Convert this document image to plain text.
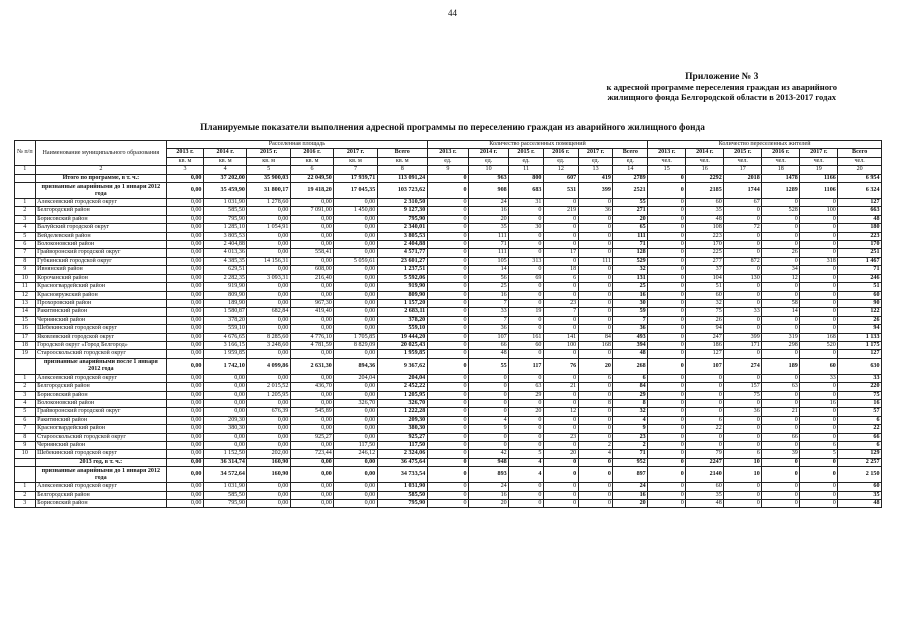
44
Приложение № 3
к адресной программе переселения граждан из аварийного
жилищного фонда Белгородской области в 2013-2017 годах
Планируемые показатели выполнения адресной программы по переселению граждан из аварийного жилищного фонда
№ п/п	Наименование муниципального образования	Расселенная площадь						Количество расселенных помещений						Количество переселенных жителей					
		2013 г.	2014 г.	2015 г.	2016 г.	2017 г.	Всего	2013 г.	2014 г.	2015 г.	2016 г.	2017 г.	Всего	2013 г.	2014 г.	2015 г.	2016 г.	2017 г.	Всего
		кв. м	кв. м	кв. м	кв. м	кв. м	кв. м	ед.	ед.	ед.	ед.	ед.	ед.	чел.	чел.	чел.	чел.	чел.	чел.
1	2	3	4	5	6	7	8	9	10	11	12	13	14	15	16	17	18	19	20
	Итого по программе, в т. ч.:	0,00	37 202,00	35 900,03	22 049,50	17 939,71	113 091,24	0	963	800	607	419	2789	0	2292	2018	1478	1166	6 954
	признанные аварийными до 1 январи 2012 года	0,00	35 459,90	31 800,17	19 418,20	17 045,35	103 723,62	0	908	683	531	399	2521	0	2185	1744	1289	1106	6 324
1	Алексеевский городской округ	0,00	1 031,90	1 278,60	0,00	0,00	2 310,50	0	24	31	0	0	55	0	60	67	0	0	127
2	Белгородский район	0,00	585,50	0,00	7 091,00	1 450,80	9 127,30	0	16	0	219	36	271	0	35	0	528	100	663
3	Борисовский район	0,00	795,90	0,00	0,00	0,00	795,90	0	20	0	0	0	20	0	48	0	0	0	48
4	Валуйский городской округ	0,00	1 285,10	1 054,91	0,00	0,00	2 340,01	0	35	30	0	0	65	0	108	72	0	0	180
5	Вейделевский район	0,00	3 805,53	0,00	0,00	0,00	3 805,53	0	111	0	0	0	111	0	223	0	0	0	223
6	Волоконовский район	0,00	2 404,88	0,00	0,00	0,00	2 404,88	0	71	0	0	0	71	0	170	0	0	0	170
7	Грайворонский городской округ	0,00	4 013,36	0,00	558,41	0,00	4 571,77	0	111	0	17	0	128	0	225	0	26	0	251
8	Губкинский городской округ	0,00	4 385,35	14 156,31	0,00	5 059,61	23 601,27	0	105	313	0	111	529	0	277	872	0	318	1 467
9	Ивнянский район	0,00	629,51	0,00	608,00	0,00	1 237,51	0	14	0	18	0	32	0	37	0	34	0	71
10	Корочанский район	0,00	2 282,35	3 093,31	216,40	0,00	5 592,06	0	56	69	6	0	131	0	104	130	12	0	246
11	Красногвардейский район	0,00	919,90	0,00	0,00	0,00	919,90	0	25	0	0	0	25	0	51	0	0	0	51
12	Краснояружский район	0,00	809,90	0,00	0,00	0,00	809,90	0	16	0	0	0	16	0	60	0	0	0	60
13	Прохоровский район	0,00	189,90	0,00	967,30	0,00	1 157,20	0	7	0	23	0	30	0	32	0	58	0	90
14	Ракитянский район	0,00	1 580,87	682,84	419,40	0,00	2 683,11	0	33	19	7	0	59	0	75	33	14	0	122
15	Чернянский район	0,00	378,20	0,00	0,00	0,00	378,20	0	7	0	0	0	7	0	26	0	0	0	26
16	Шебекинский городской округ	0,00	559,10	0,00	0,00	0,00	559,10	0	36	0	0	0	36	0	94	0	0	0	94
17	Яковлевский городской округ	0,00	4 676,65	8 285,60	4 776,10	1 705,85	19 444,20	0	107	161	141	84	493	0	247	399	319	168	1 133
18	Городской округ «Город Белгород»	0,00	3 166,15	3 248,60	4 781,59	8 829,09	20 025,43	0	66	60	100	168	394	0	186	171	298	520	1 175
19	Старооскольский городской округ	0,00	1 959,85	0,00	0,00	0,00	1 959,85	0	48	0	0	0	48	0	127	0	0	0	127
	признанные аварийными после 1 января 2012 года	0,00	1 742,10	4 099,86	2 631,30	894,36	9 367,62	0	55	117	76	20	268	0	107	274	189	60	630
1	Алексеевский городской округ	0,00	0,00	0,00	0,00	204,04	204,04	0	0	0	0	6	6	0	0	0	0	33	33
2	Белгородский район	0,00	0,00	2 015,52	436,70	0,00	2 452,22	0	0	63	21	0	84	0	0	157	63	0	220
3	Борисовский район	0,00	0,00	1 205,95	0,00	0,00	1 205,95	0	0	29	0	0	29	0	0	75	0	0	75
4	Волоконовский район	0,00	0,00	0,00	0,00	326,70	326,70	0	0	0	0	8	8	0	0	0	0	16	16
5	Грайворонский городской округ	0,00	0,00	676,39	545,89	0,00	1 222,28	0	0	20	12	0	32	0	0	36	21	0	57
6	Ракитянский район	0,00	209,30	0,00	0,00	0,00	209,30	0	4	0	0	0	4	0	6	0	0	0	6
7	Красногвардейский район	0,00	380,30	0,00	0,00	0,00	380,30	0	9	0	0	0	9	0	22	0	0	0	22
8	Старооскольский городской округ	0,00	0,00	0,00	925,27	0,00	925,27	0	0	0	23	0	23	0	0	0	66	0	66
9	Чернянский район	0,00	0,00	0,00	0,00	117,50	117,50	0	0	0	0	2	2	0	0	0	0	6	6
10	Шебекинский городской округ	0,00	1 152,50	202,00	723,44	246,12	2 324,06	0	42	5	20	4	71	0	79	6	39	5	129
	2013 год, в т. ч.:	0,00	36 314,74	160,90	0,00	0,00	36 475,64	0	948	4	0	0	952	0	2247	10	0	0	2 257
	признанные аварийными до 1 января 2012 года	0,00	34 572,64	160,90	0,00	0,00	34 733,54	0	893	4	0	0	897	0	2140	10	0	0	2 150
1	Алексеевский городской округ	0,00	1 031,90	0,00	0,00	0,00	1 031,90	0	24	0	0	0	24	0	60	0	0	0	60
2	Белгородский район	0,00	585,50	0,00	0,00	0,00	585,50	0	16	0	0	0	16	0	35	0	0	0	35
3	Борисовский район	0,00	795,90	0,00	0,00	0,00	795,90	0	20	0	0	0	20	0	48	0	0	0	48
